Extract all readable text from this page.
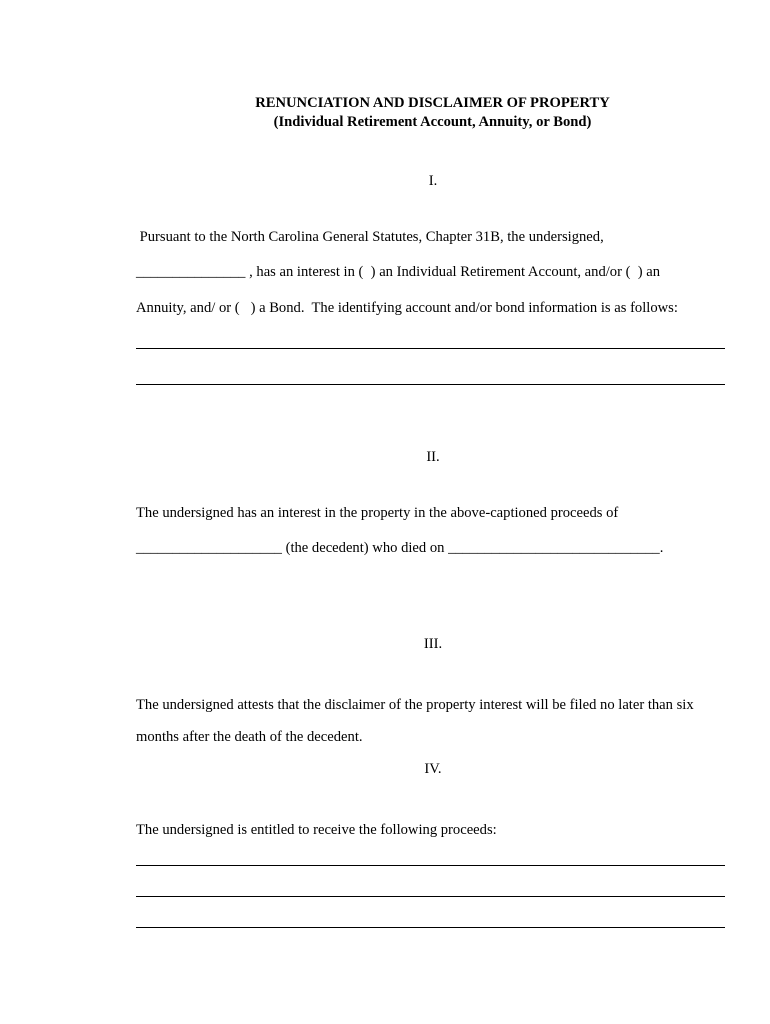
RENUNCIATION AND DISCLAIMER OF PROPERTY
(Individual Retirement Account, Annuity, or Bond)
I.
Pursuant to the North Carolina General Statutes, Chapter 31B, the undersigned,
_______________ , has an interest in (  ) an Individual Retirement Account, and/or (  ) an
Annuity, and/ or (   ) a Bond.  The identifying account and/or bond information is as follows:
II.
The undersigned has an interest in the property in the above-captioned proceeds of
____________________ (the decedent) who died on _____________________________.
III.
The undersigned attests that the disclaimer of the property interest will be filed no later than six
months after the death of the decedent.
IV.
The undersigned is entitled to receive the following proceeds:
